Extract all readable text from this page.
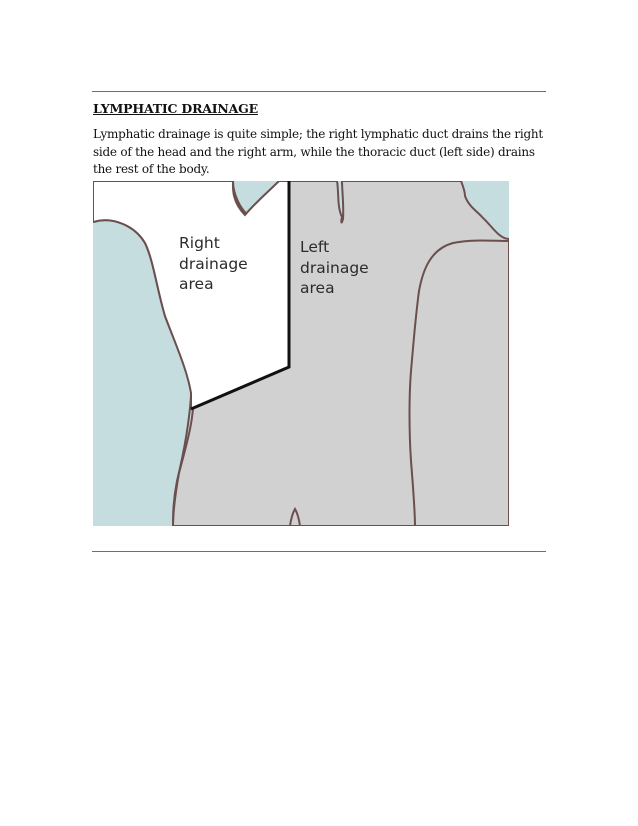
LYMPHATIC DRAINAGE
Lymphatic drainage is quite simple; the right lymphatic duct drains the right side of the head and the right arm, while the thoracic duct (left side) drains the rest of the body.
Right
drainage
area
Left
drainage
area
